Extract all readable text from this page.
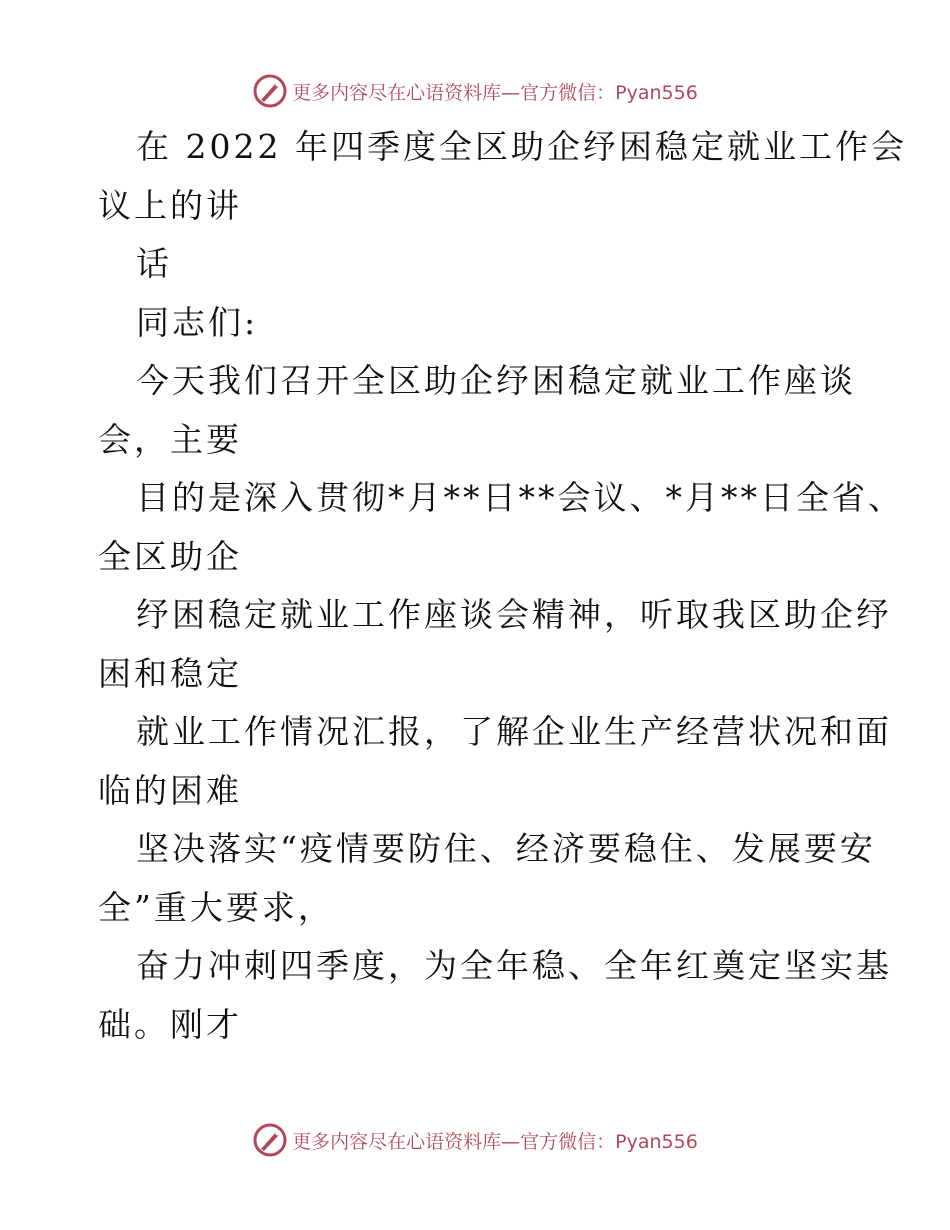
更多内容尽在心语资料库 —官方微信：Pyan556
在 2022 年四季度全区助企纾困稳定就业工作会
议上的讲
话
同志们:
今天我们召开全区助企纾困稳定就业工作座谈
会，主要
目的是深入贯彻*月**日**会议、*月**日全省、
全区助企
纾困稳定就业工作座谈会精神，听取我区助企纾
困和稳定
就业工作情况汇报，了解企业生产经营状况和面
临的困难
坚决落实“疫情要防住、经济要稳住、发展要安
全”重大要求，
奋力冲刺四季度，为全年稳、全年红奠定坚实基
础。刚才
更多内容尽在心语资料库 —官方微信：Pyan556
